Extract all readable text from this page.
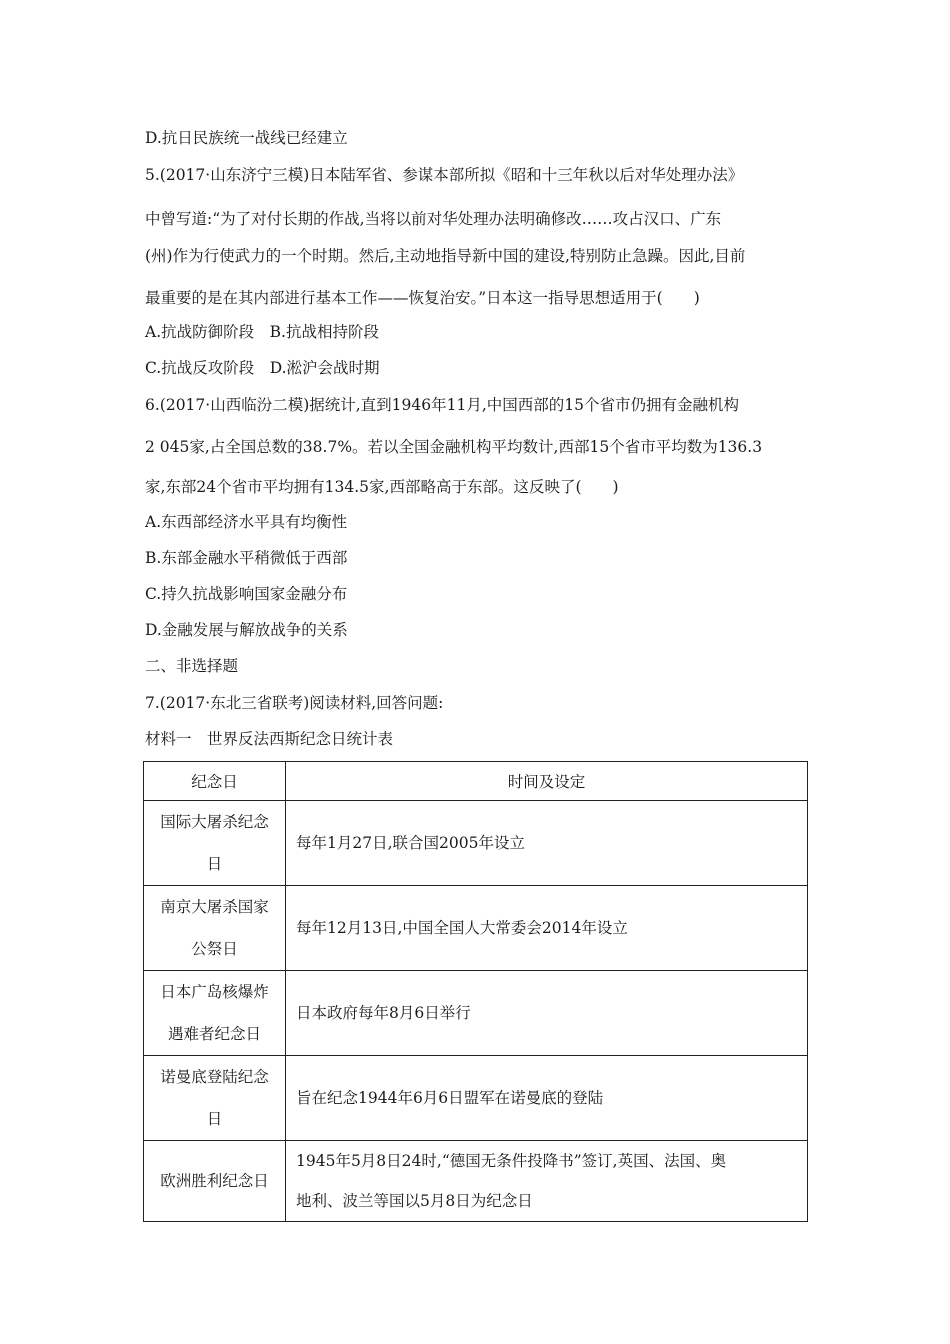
D.抗日民族统一战线已经建立
5.(2017·山东济宁三模)日本陆军省、参谋本部所拟《昭和十三年秋以后对华处理办法》
中曾写道:“为了对付长期的作战,当将以前对华处理办法明确修改……攻占汉口、广东
(州)作为行使武力的一个时期。然后,主动地指导新中国的建设,特别防止急躁。因此,目前
最重要的是在其内部进行基本工作——恢复治安。”日本这一指导思想适用于(　　)
A.抗战防御阶段　B.抗战相持阶段
C.抗战反攻阶段　D.淞沪会战时期
6.(2017·山西临汾二模)据统计,直到1946年11月,中国西部的15个省市仍拥有金融机构
2 045家,占全国总数的38.7%。若以全国金融机构平均数计,西部15个省市平均数为136.3
家,东部24个省市平均拥有134.5家,西部略高于东部。这反映了(　　)
A.东西部经济水平具有均衡性
B.东部金融水平稍微低于西部
C.持久抗战影响国家金融分布
D.金融发展与解放战争的关系
二、非选择题
7.(2017·东北三省联考)阅读材料,回答问题:
材料一　世界反法西斯纪念日统计表
纪念日	时间及设定
国际大屠杀纪念
日	每年1月27日,联合国2005年设立
南京大屠杀国家
公祭日	每年12月13日,中国全国人大常委会2014年设立
日本广岛核爆炸
遇难者纪念日	日本政府每年8月6日举行
诺曼底登陆纪念
日	旨在纪念1944年6月6日盟军在诺曼底的登陆
欧洲胜利纪念日	1945年5月8日24时,“德国无条件投降书”签订,英国、法国、奥
地利、波兰等国以5月8日为纪念日
